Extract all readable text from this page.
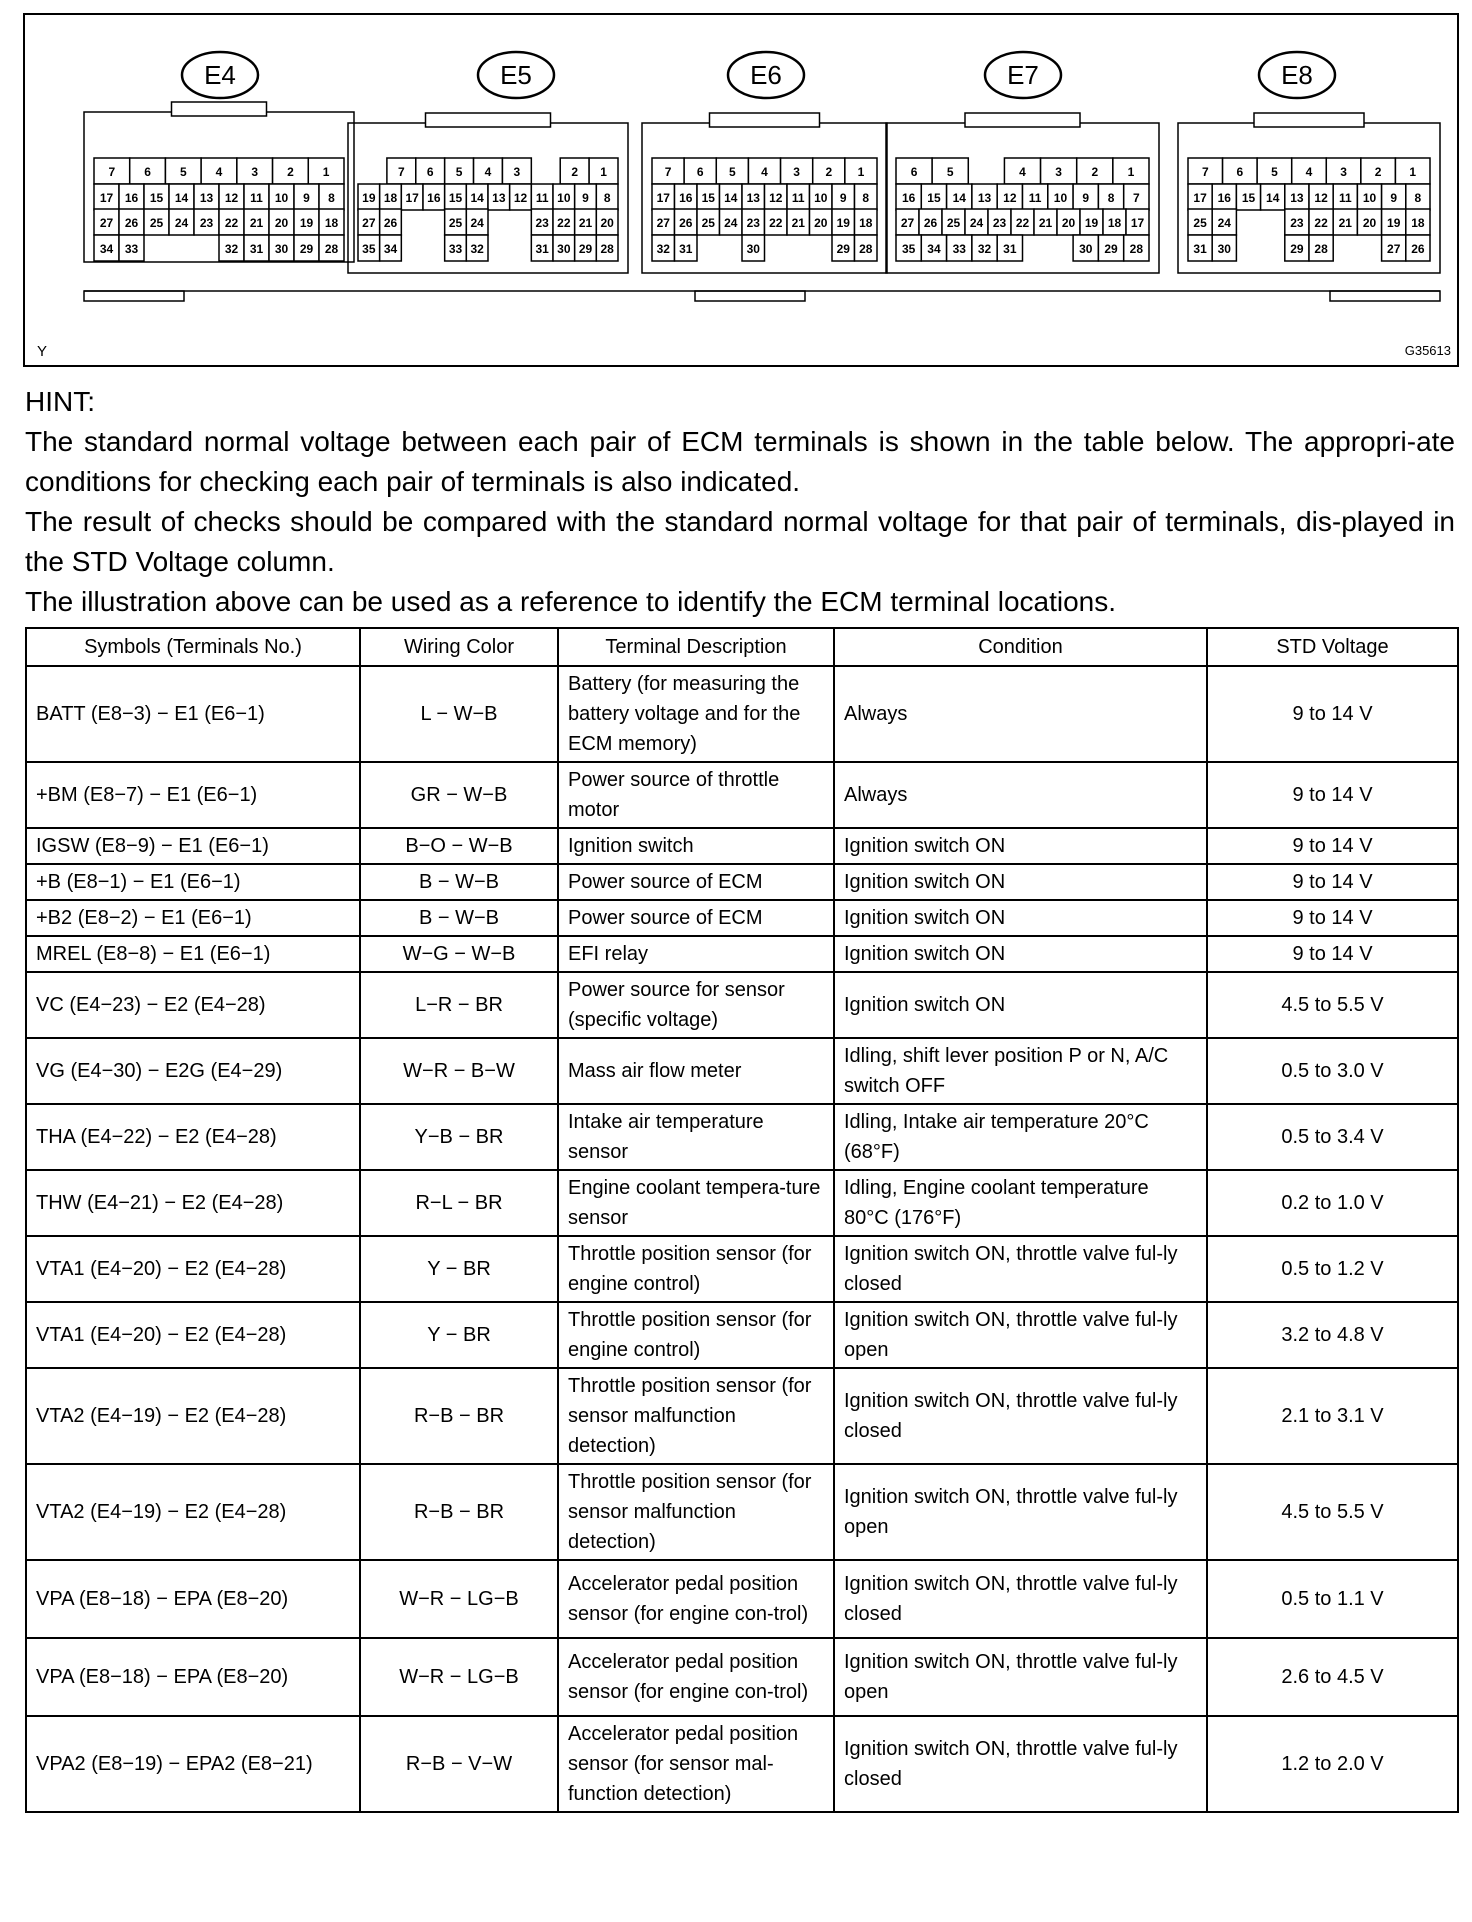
E4
7 6 5 4 3 2 1
17 16 15 14 13 12 11 10 9 8
27 26 25 24 23 22 21 20 19 18
34 33	32 31 30 29 28
E5
7 6 5 4 3	2 1
19 18 17 16 15 14 13 12 11 10 9 8
27 26	25 24	23 22 21 20
35 34	33 32	31 30 29 28
E6
7 6 5 4 3 2 1
17 16 15 14 13 12 11 10 9 8
27 26 25 24 23 22 21 20 19 18
32 31	30	29 28
E7
6 5	4 3 2 1
16 15 14 13 12 11 10 9 8 7
27 26 25 24 23 22 21 20 19 18 17
35 34 33 32 31	30 29 28
E8
7 6 5 4 3 2 1
17 16 15 14 13 12 11 10 9 8
25 24	23 22 21 20 19 18
31 30	29 28	27 26
Y	G35613

HINT:

The standard normal voltage between each pair of ECM terminals is shown in the table below. The appropri-ate conditions for checking each pair of terminals is also indicated.

The result of checks should be compared with the standard normal voltage for that pair of terminals, dis-played in the STD Voltage column.

The illustration above can be used as a reference to identify the ECM terminal locations.

Symbols (Terminals No.)	Wiring Color	Terminal Description	Condition	STD Voltage
BATT (E8−3) − E1 (E6−1)	L − W−B	Battery (for measuring the battery voltage and for the ECM memory)	Always	9 to 14 V
+BM (E8−7) − E1 (E6−1)	GR − W−B	Power source of throttle motor	Always	9 to 14 V
IGSW (E8−9) − E1 (E6−1)	B−O − W−B	Ignition switch	Ignition switch ON	9 to 14 V
+B (E8−1) − E1 (E6−1)	B − W−B	Power source of ECM	Ignition switch ON	9 to 14 V
+B2 (E8−2) − E1 (E6−1)	B − W−B	Power source of ECM	Ignition switch ON	9 to 14 V
MREL (E8−8) − E1 (E6−1)	W−G − W−B	EFI relay	Ignition switch ON	9 to 14 V
VC (E4−23) − E2 (E4−28)	L−R − BR	Power source for sensor (specific voltage)	Ignition switch ON	4.5 to 5.5 V
VG (E4−30) − E2G (E4−29)	W−R − B−W	Mass air flow meter	Idling, shift lever position P or N, A/C switch OFF	0.5 to 3.0 V
THA (E4−22) − E2 (E4−28)	Y−B − BR	Intake air temperature sensor	Idling, Intake air temperature 20°C (68°F)	0.5 to 3.4 V
THW (E4−21) − E2 (E4−28)	R−L − BR	Engine coolant tempera-ture sensor	Idling, Engine coolant temperature 80°C (176°F)	0.2 to 1.0 V
VTA1 (E4−20) − E2 (E4−28)	Y − BR	Throttle position sensor (for engine control)	Ignition switch ON, throttle valve ful-ly closed	0.5 to 1.2 V
VTA1 (E4−20) − E2 (E4−28)	Y − BR	Throttle position sensor (for engine control)	Ignition switch ON, throttle valve ful-ly open	3.2 to 4.8 V
VTA2 (E4−19) − E2 (E4−28)	R−B − BR	Throttle position sensor (for sensor malfunction detection)	Ignition switch ON, throttle valve ful-ly closed	2.1 to 3.1 V
VTA2 (E4−19) − E2 (E4−28)	R−B − BR	Throttle position sensor (for sensor malfunction detection)	Ignition switch ON, throttle valve ful-ly open	4.5 to 5.5 V
VPA (E8−18) − EPA (E8−20)	W−R − LG−B	Accelerator pedal position sensor (for engine con-trol)	Ignition switch ON, throttle valve ful-ly closed	0.5 to 1.1 V
VPA (E8−18) − EPA (E8−20)	W−R − LG−B	Accelerator pedal position sensor (for engine con-trol)	Ignition switch ON, throttle valve ful-ly open	2.6 to 4.5 V
VPA2 (E8−19) − EPA2 (E8−21)	R−B − V−W	Accelerator pedal position sensor (for sensor mal-function detection)	Ignition switch ON, throttle valve ful-ly closed	1.2 to 2.0 V
